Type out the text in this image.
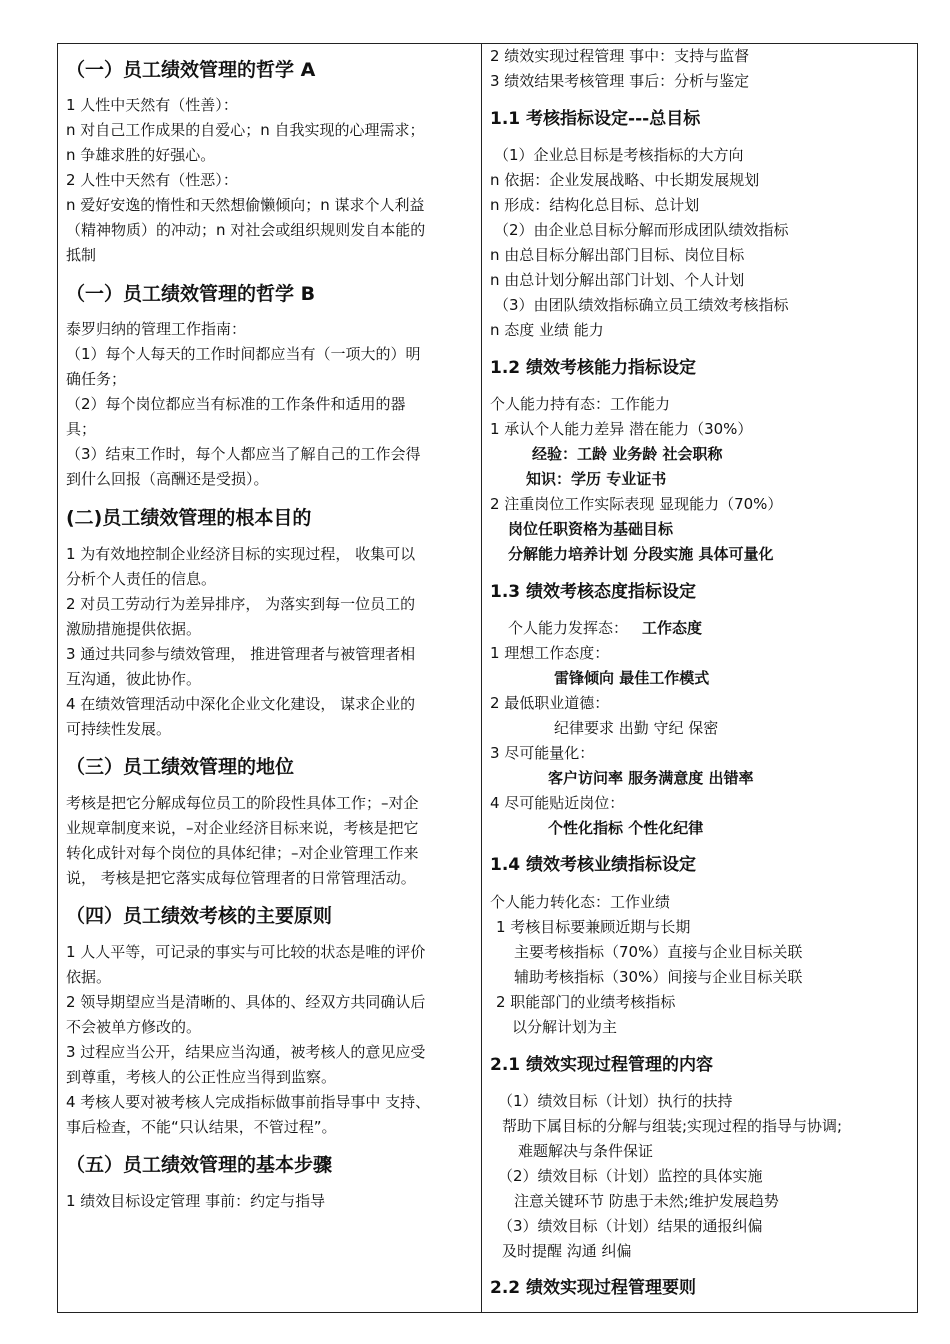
（一）员工绩效管理的哲学 A
1 人性中天然有（性善）：
n 对自己工作成果的自爱心；n 自我实现的心理需求；
n 争雄求胜的好强心。
2 人性中天然有（性恶）：
n 爱好安逸的惰性和天然想偷懒倾向；n 谋求个人利益
（精神物质）的冲动；n 对社会或组织规则发自本能的
抵制
（一）员工绩效管理的哲学 B
泰罗归纳的管理工作指南：
（1）每个人每天的工作时间都应当有（一项大的）明
确任务；
（2）每个岗位都应当有标准的工作条件和适用的器
具；
（3）结束工作时，每个人都应当了解自己的工作会得
到什么回报（高酬还是受损）。
(二)员工绩效管理的根本目的
1 为有效地控制企业经济目标的实现过程， 收集可以
分析个人责任的信息。
2 对员工劳动行为差异排序， 为落实到每一位员工的
激励措施提供依据。
3 通过共同参与绩效管理， 推进管理者与被管理者相
互沟通，彼此协作。
4 在绩效管理活动中深化企业文化建设， 谋求企业的
可持续性发展。
（三）员工绩效管理的地位
考核是把它分解成每位员工的阶段性具体工作；–对企
业规章制度来说，–对企业经济目标来说，考核是把它
转化成针对每个岗位的具体纪律；–对企业管理工作来
说， 考核是把它落实成每位管理者的日常管理活动。
（四）员工绩效考核的主要原则
1 人人平等，可记录的事实与可比较的状态是唯的评价
依据。
2 领导期望应当是清晰的、具体的、经双方共同确认后
不会被单方修改的。
3 过程应当公开，结果应当沟通，被考核人的意见应受
到尊重，考核人的公正性应当得到监察。
4 考核人要对被考核人完成指标做事前指导事中 支持、
事后检查，不能“只认结果，不管过程”。
（五）员工绩效管理的基本步骤
1 绩效目标设定管理 事前：约定与指导
2 绩效实现过程管理 事中：支持与监督
3 绩效结果考核管理 事后：分析与鉴定
1.1 考核指标设定---总目标
（1）企业总目标是考核指标的大方向
n 依据：企业发展战略、中长期发展规划
n 形成：结构化总目标、总计划
（2）由企业总目标分解而形成团队绩效指标
n 由总目标分解出部门目标、岗位目标
n 由总计划分解出部门计划、个人计划
（3）由团队绩效指标确立员工绩效考核指标
n 态度 业绩 能力
1.2 绩效考核能力指标设定
个人能力持有态：工作能力
1 承认个人能力差异 潜在能力（30%）
经验：工龄 业务龄 社会职称
知识：学历 专业证书
2 注重岗位工作实际表现 显现能力（70%）
岗位任职资格为基础目标
分解能力培养计划 分段实施 具体可量化
1.3 绩效考核态度指标设定
个人能力发挥态： 工作态度
1 理想工作态度：
雷锋倾向 最佳工作模式
2 最低职业道德：
纪律要求 出勤 守纪 保密
3 尽可能量化：
客户访问率 服务满意度 出错率
4 尽可能贴近岗位：
个性化指标 个性化纪律
1.4 绩效考核业绩指标设定
个人能力转化态：工作业绩
1 考核目标要兼顾近期与长期
主要考核指标（70%）直接与企业目标关联
辅助考核指标（30%）间接与企业目标关联
2 职能部门的业绩考核指标
以分解计划为主
2.1 绩效实现过程管理的内容
（1）绩效目标（计划）执行的扶持
帮助下属目标的分解与组装;实现过程的指导与协调;
难题解决与条件保证
（2）绩效目标（计划）监控的具体实施
注意关键环节 防患于未然;维护发展趋势
（3）绩效目标（计划）结果的通报纠偏
及时提醒 沟通 纠偏
2.2 绩效实现过程管理要则
